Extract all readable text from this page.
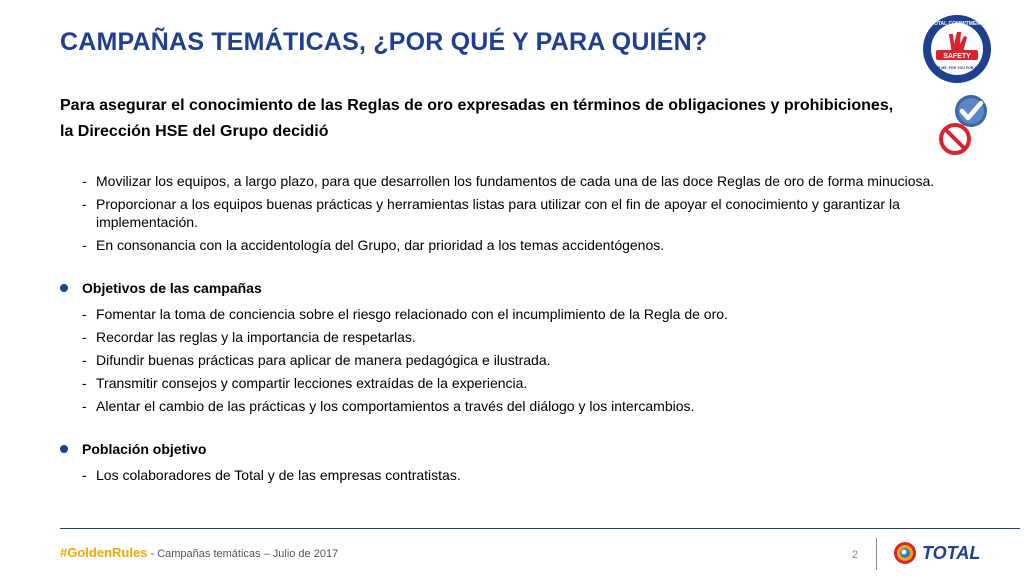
CAMPAÑAS TEMÁTICAS, ¿POR QUÉ Y PARA QUIÉN?
SAFETY
TOTAL COMMITMENT
FOR ME, FOR YOU FOR ALL
Para asegurar el conocimiento de las Reglas de oro expresadas en términos de obligaciones y prohibiciones,
la Dirección HSE del Grupo decidió
- Movilizar los equipos, a largo plazo, para que desarrollen los fundamentos de cada una de las doce Reglas de oro de forma minuciosa.
- Proporcionar a los equipos buenas prácticas y herramientas listas para utilizar con el fin de apoyar el conocimiento y garantizar la implementación.
- En consonancia con la accidentología del Grupo, dar prioridad a los temas accidentógenos.
Objetivos de las campañas
- Fomentar la toma de conciencia sobre el riesgo relacionado con el incumplimiento de la Regla de oro.
- Recordar las reglas y la importancia de respetarlas.
- Difundir buenas prácticas para aplicar de manera pedagógica e ilustrada.
- Transmitir consejos y compartir lecciones extraídas de la experiencia.
- Alentar el cambio de las prácticas y los comportamientos a través del diálogo y los intercambios.
Población objetivo
- Los colaboradores de Total y de las empresas contratistas.
#GoldenRules - Campañas temáticas – Julio de 2017	2	TOTAL
